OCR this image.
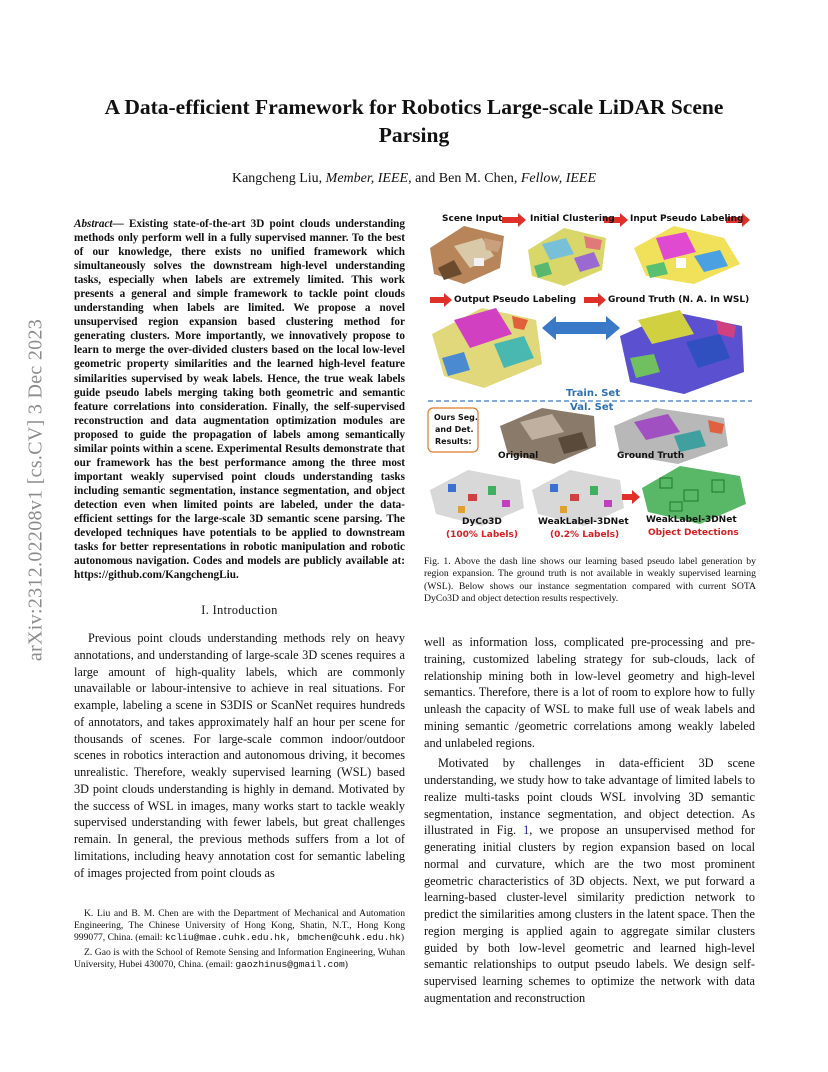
arXiv:2312.02208v1 [cs.CV] 3 Dec 2023
A Data-efficient Framework for Robotics Large-scale LiDAR Scene Parsing
Kangcheng Liu, Member, IEEE, and Ben M. Chen, Fellow, IEEE
Abstract— Existing state-of-the-art 3D point clouds understanding methods only perform well in a fully supervised manner. To the best of our knowledge, there exists no unified framework which simultaneously solves the downstream high-level understanding tasks, especially when labels are extremely limited. This work presents a general and simple framework to tackle point clouds understanding when labels are limited. We propose a novel unsupervised region expansion based clustering method for generating clusters. More importantly, we innovatively propose to learn to merge the over-divided clusters based on the local low-level geometric property similarities and the learned high-level feature similarities supervised by weak labels. Hence, the true weak labels guide pseudo labels merging taking both geometric and semantic feature correlations into consideration. Finally, the self-supervised reconstruction and data augmentation optimization modules are proposed to guide the propagation of labels among semantically similar points within a scene. Experimental Results demonstrate that our framework has the best performance among the three most important weakly supervised point clouds understanding tasks including semantic segmentation, instance segmentation, and object detection even when limited points are labeled, under the data-efficient settings for the large-scale 3D semantic scene parsing. The developed techniques have potentials to be applied to downstream tasks for better representations in robotic manipulation and robotic autonomous navigation. Codes and models are publicly available at: https://github.com/KangchengLiu.
I. Introduction

Previous point clouds understanding methods rely on heavy annotations, and understanding of large-scale 3D scenes requires a large amount of high-quality labels, which are commonly unavailable or labour-intensive to achieve in real situations. For example, labeling a scene in S3DIS or ScanNet requires hundreds of annotators, and takes approximately half an hour per scene for thousands of scenes. For large-scale common indoor/outdoor scenes in robotics interaction and autonomous driving, it becomes unrealistic. Therefore, weakly supervised learning (WSL) based 3D point clouds understanding is highly in demand. Motivated by the success of WSL in images, many works start to tackle weakly supervised understanding with fewer labels, but great challenges remain. In general, the previous methods suffers from a lot of limitations, including heavy annotation cost for semantic labeling of images projected from point clouds as

K. Liu and B. M. Chen are with the Department of Mechanical and Automation Engineering, The Chinese University of Hong Kong, Shatin, N.T., Hong Kong 999077, China. (email: kcliu@mae.cuhk.edu.hk, bmchen@cuhk.edu.hk)

Z. Gao is with the School of Remote Sensing and Information Engineering, Wuhan University, Hubei 430070, China. (email: gaozhinus@gmail.com)

Scene Input	Initial Clustering Input Pseudo Labeling
Output Pseudo Labeling	Ground Truth (N. A. In WSL)
Train. Set
Val. Set
Ours Seg.
and Det.
Results:
Original	Ground Truth
DyCo3D
(100% Labels)
WeakLabel-3DNet
(0.2% Labels)
WeakLabel-3DNet
Object Detections
Fig. 1. Above the dash line shows our learning based pseudo label generation by region expansion. The ground truth is not available in weakly supervised learning (WSL). Below shows our instance segmentation compared with current SOTA DyCo3D and object detection results respectively.

well as information loss, complicated pre-processing and pre-training, customized labeling strategy for sub-clouds, lack of relationship mining both in low-level geometry and high-level semantics. Therefore, there is a lot of room to explore how to fully unleash the capacity of WSL to make full use of weak labels and mining semantic /geometric correlations among weakly labeled and unlabeled regions.

Motivated by challenges in data-efficient 3D scene understanding, we study how to take advantage of limited labels to realize multi-tasks point clouds WSL involving 3D semantic segmentation, instance segmentation, and object detection. As illustrated in Fig. 1, we propose an unsupervised method for generating initial clusters by region expansion based on local normal and curvature, which are the two most prominent geometric characteristics of 3D objects. Next, we put forward a learning-based cluster-level similarity prediction network to predict the similarities among clusters in the latent space. Then the region merging is applied again to aggregate similar clusters guided by both low-level geometric and learned high-level semantic relationships to output pseudo labels. We design self-supervised learning schemes to optimize the network with data augmentation and reconstruction
